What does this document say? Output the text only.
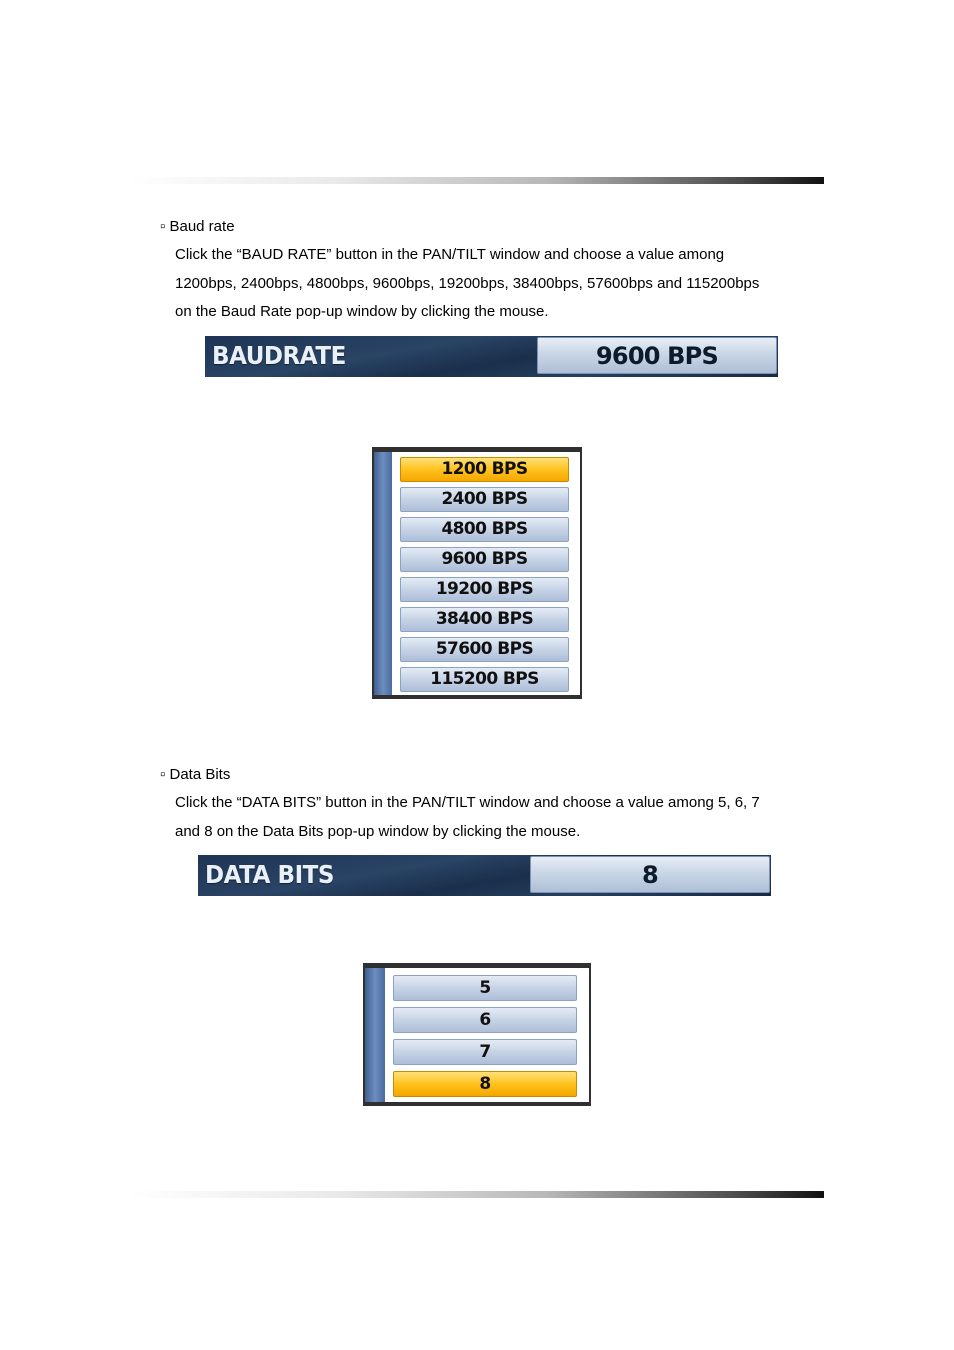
▫ Baud rate
Click the “BAUD RATE” button in the PAN/TILT window and choose a value among
1200bps, 2400bps, 4800bps, 9600bps, 19200bps, 38400bps, 57600bps and 115200bps
on the Baud Rate pop-up window by clicking the mouse.
BAUDRATE	9600 BPS
1200 BPS
2400 BPS
4800 BPS
9600 BPS
19200 BPS
38400 BPS
57600 BPS
115200 BPS
▫ Data Bits
Click the “DATA BITS” button in the PAN/TILT window and choose a value among 5, 6, 7
and 8 on the Data Bits pop-up window by clicking the mouse.
DATA BITS	8
5
6
7
8
